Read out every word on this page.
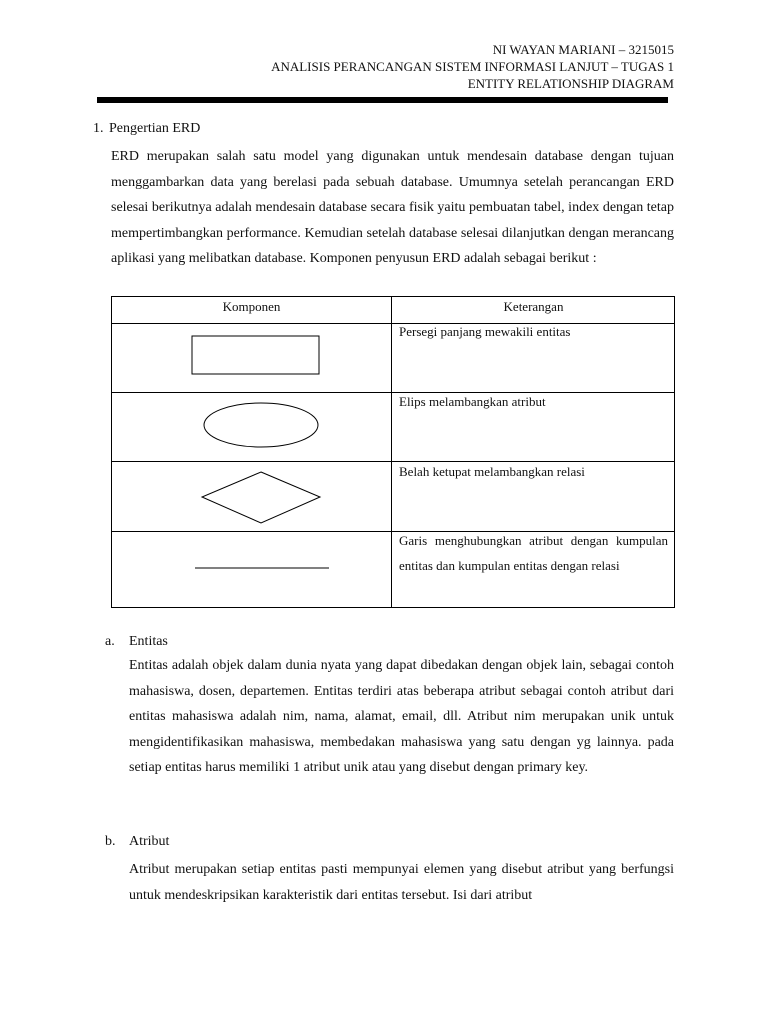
NI WAYAN MARIANI – 3215015
ANALISIS PERANCANGAN SISTEM INFORMASI LANJUT – TUGAS 1
ENTITY RELATIONSHIP DIAGRAM
1. Pengertian ERD
ERD merupakan salah satu model yang digunakan untuk mendesain database dengan tujuan menggambarkan data yang berelasi pada sebuah database. Umumnya setelah perancangan ERD selesai berikutnya adalah mendesain database secara fisik yaitu pembuatan tabel, index dengan tetap mempertimbangkan performance. Kemudian setelah database selesai dilanjutkan dengan merancang aplikasi yang melibatkan database. Komponen penyusun ERD adalah sebagai berikut :
Komponen	Keterangan
Persegi panjang mewakili entitas
Elips melambangkan atribut
Belah ketupat melambangkan relasi
Garis menghubungkan atribut dengan kumpulan entitas dan kumpulan entitas dengan relasi
a. Entitas
Entitas adalah objek dalam dunia nyata yang dapat dibedakan dengan objek lain, sebagai contoh mahasiswa, dosen, departemen. Entitas terdiri atas beberapa atribut sebagai contoh atribut dari entitas mahasiswa adalah nim, nama, alamat, email, dll. Atribut nim merupakan unik untuk mengidentifikasikan mahasiswa, membedakan mahasiswa yang satu dengan yg lainnya. pada setiap entitas harus memiliki 1 atribut unik atau yang disebut dengan primary key.
b. Atribut
Atribut merupakan setiap entitas pasti mempunyai elemen yang disebut atribut yang berfungsi untuk mendeskripsikan karakteristik dari entitas tersebut. Isi dari atribut
